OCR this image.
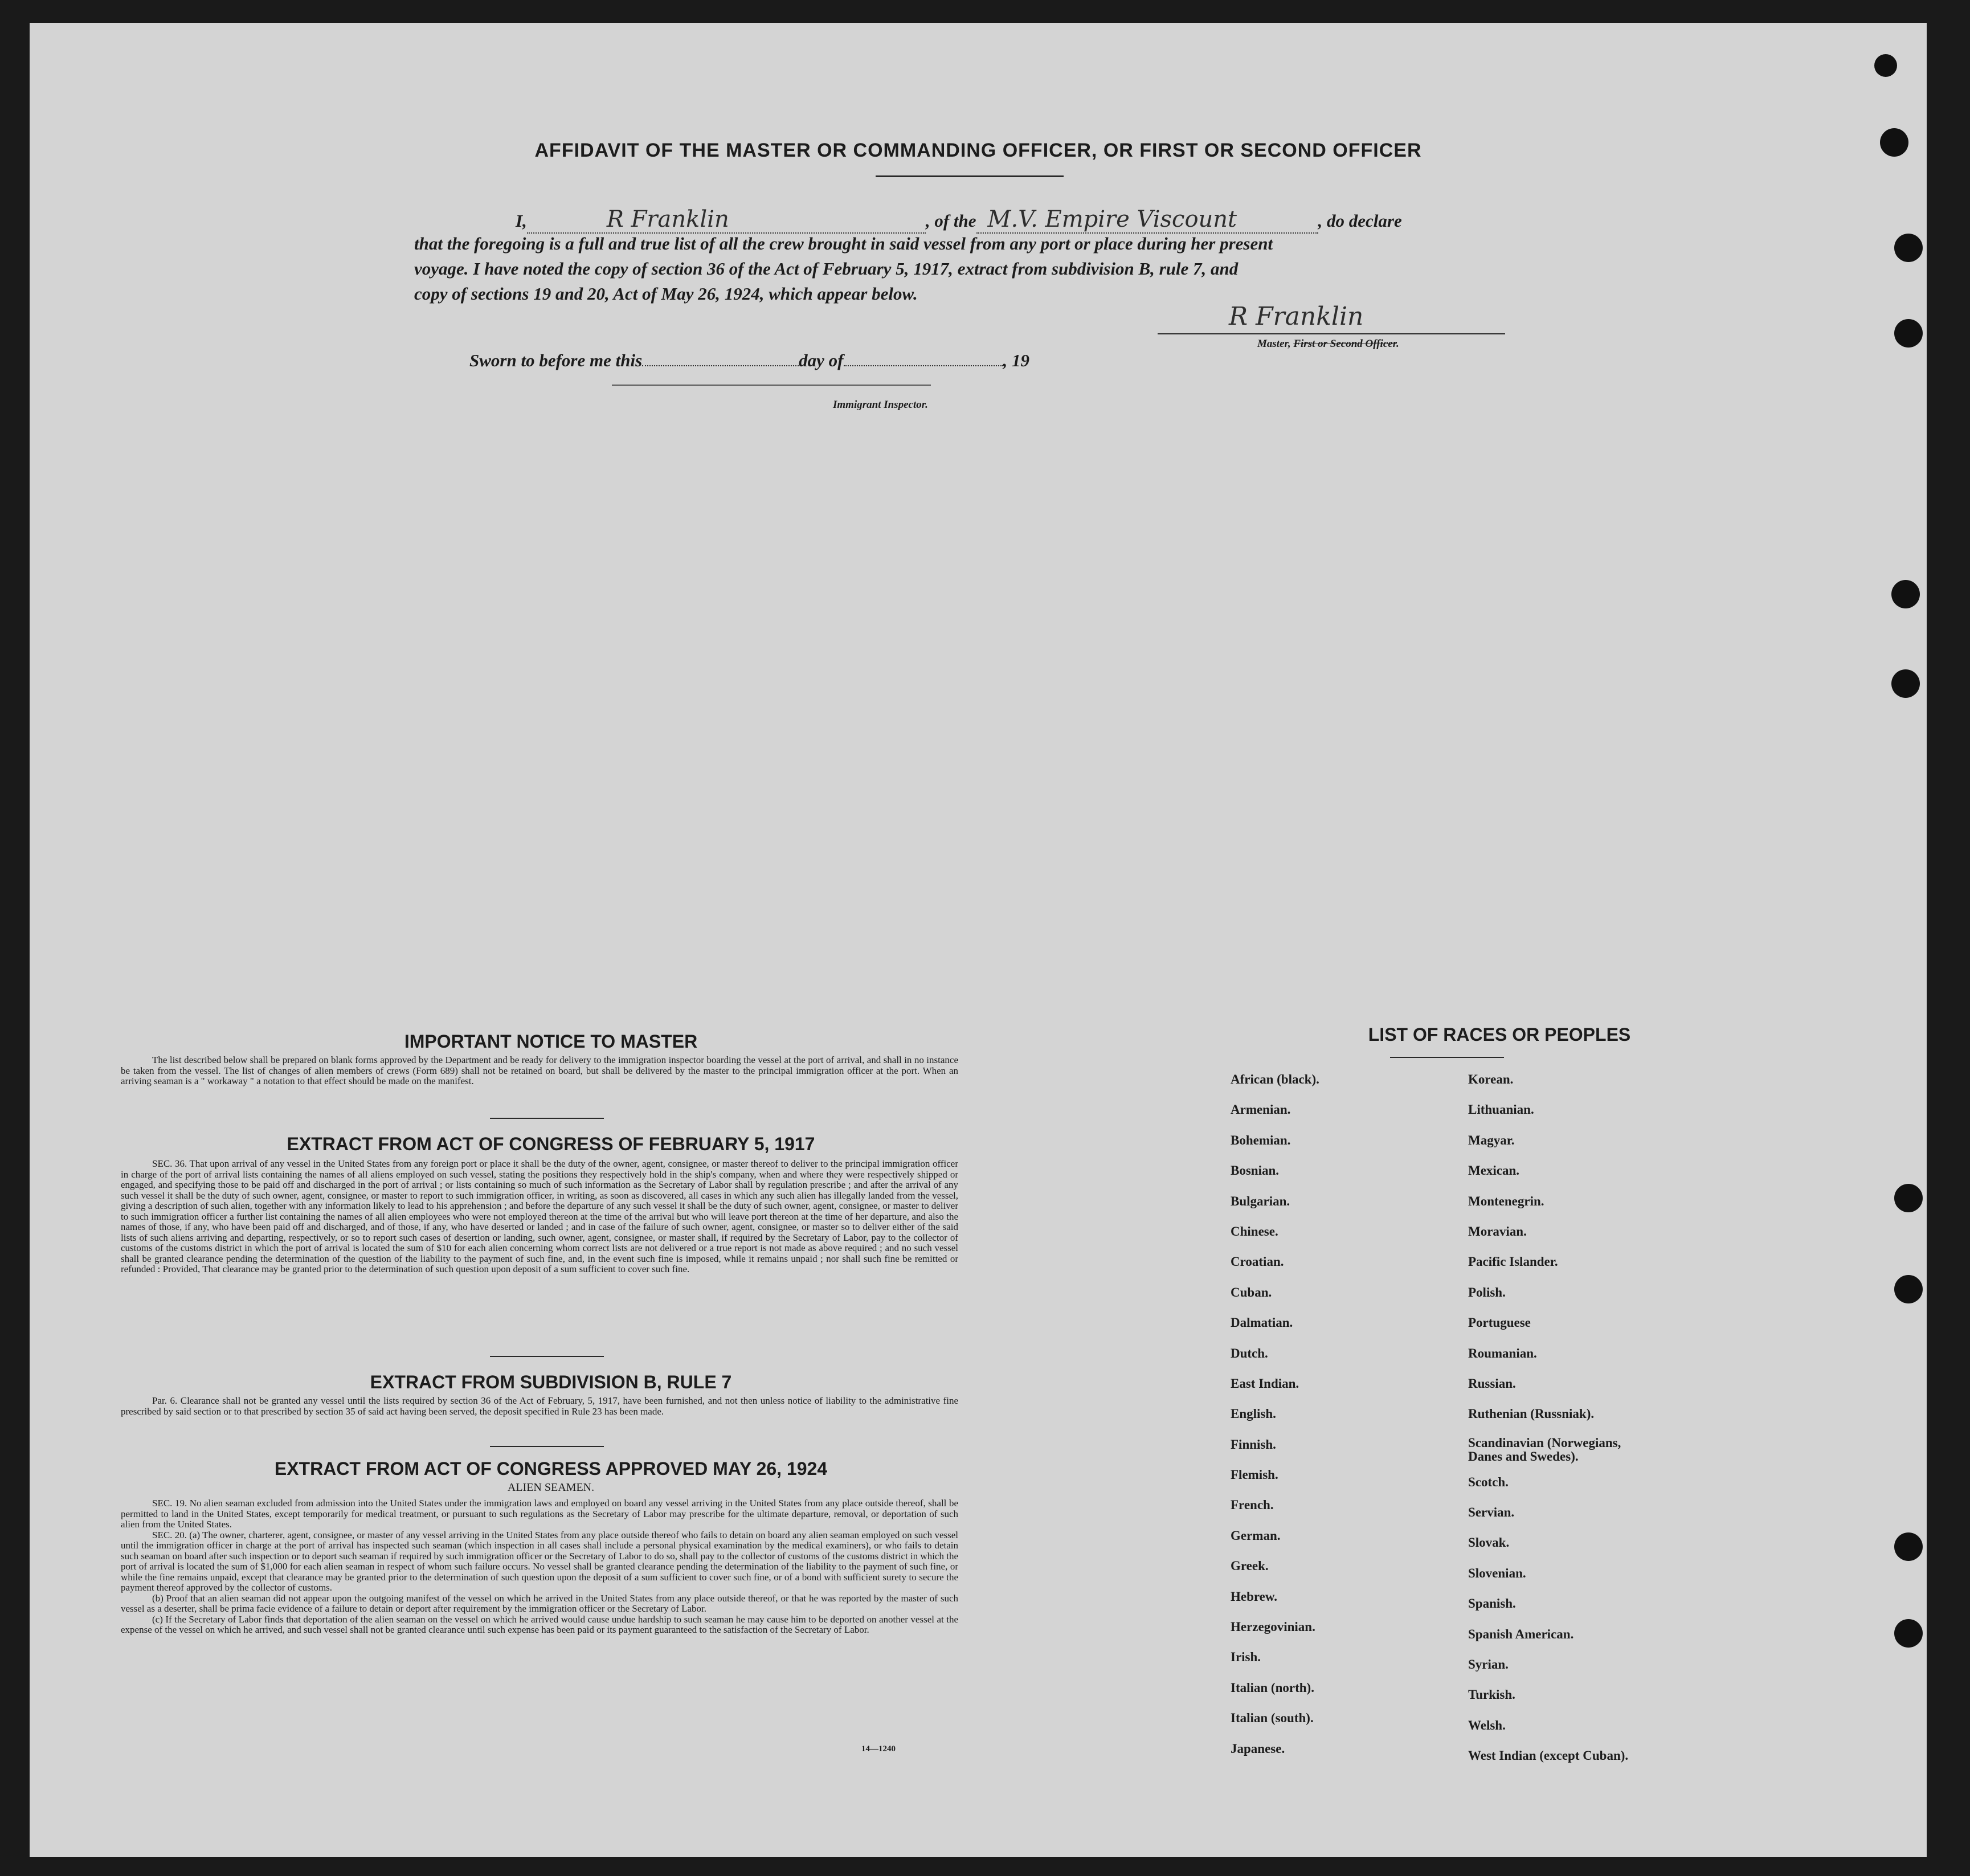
AFFIDAVIT OF THE MASTER OR COMMANDING OFFICER, OR FIRST OR SECOND OFFICER
I,	R Franklin	, of the M.V. Empire Viscount	, do declare
that the foregoing is a full and true list of all the crew brought in said vessel from any port or place during her present
voyage. I have noted the copy of section 36 of the Act of February 5, 1917, extract from subdivision B, rule 7, and
copy of sections 19 and 20, Act of May 26, 1924, which appear below.
R Franklin
Master, First or Second Officer.
Sworn to before me this	day of	, 19
Immigrant Inspector.
IMPORTANT NOTICE TO MASTER

The list described below shall be prepared on blank forms approved by the Department and be ready for delivery to the immigration inspector boarding the vessel at the port of arrival, and shall in no instance be taken from the vessel. The list of changes of alien members of crews (Form 689) shall not be retained on board, but shall be delivered by the master to the principal immigration officer at the port. When an arriving seaman is a " workaway " a notation to that effect should be made on the manifest.

EXTRACT FROM ACT OF CONGRESS OF FEBRUARY 5, 1917

SEC. 36. That upon arrival of any vessel in the United States from any foreign port or place it shall be the duty of the owner, agent, consignee, or master thereof to deliver to the principal immigration officer in charge of the port of arrival lists containing the names of all aliens employed on such vessel, stating the positions they respectively hold in the ship's company, when and where they were respectively shipped or engaged, and specifying those to be paid off and discharged in the port of arrival ; or lists containing so much of such information as the Secretary of Labor shall by regulation prescribe ; and after the arrival of any such vessel it shall be the duty of such owner, agent, consignee, or master to report to such immigration officer, in writing, as soon as discovered, all cases in which any such alien has illegally landed from the vessel, giving a description of such alien, together with any information likely to lead to his apprehension ; and before the departure of any such vessel it shall be the duty of such owner, agent, consignee, or master to deliver to such immigration officer a further list containing the names of all alien employees who were not employed thereon at the time of the arrival but who will leave port thereon at the time of her departure, and also the names of those, if any, who have been paid off and discharged, and of those, if any, who have deserted or landed ; and in case of the failure of such owner, agent, consignee, or master so to deliver either of the said lists of such aliens arriving and departing, respectively, or so to report such cases of desertion or landing, such owner, agent, consignee, or master shall, if required by the Secretary of Labor, pay to the collector of customs of the customs district in which the port of arrival is located the sum of $10 for each alien concerning whom correct lists are not delivered or a true report is not made as above required ; and no such vessel shall be granted clearance pending the determination of the question of the liability to the payment of such fine, and, in the event such fine is imposed, while it remains unpaid ; nor shall such fine be remitted or refunded : Provided, That clearance may be granted prior to the determination of such question upon deposit of a sum sufficient to cover such fine.

EXTRACT FROM SUBDIVISION B, RULE 7

Par. 6. Clearance shall not be granted any vessel until the lists required by section 36 of the Act of February, 5, 1917, have been furnished, and not then unless notice of liability to the administrative fine prescribed by said section or to that prescribed by section 35 of said act having been served, the deposit specified in Rule 23 has been made.

EXTRACT FROM ACT OF CONGRESS APPROVED MAY 26, 1924
ALIEN SEAMEN.

SEC. 19. No alien seaman excluded from admission into the United States under the immigration laws and employed on board any vessel arriving in the United States from any place outside thereof, shall be permitted to land in the United States, except temporarily for medical treatment, or pursuant to such regulations as the Secretary of Labor may prescribe for the ultimate departure, removal, or deportation of such alien from the United States.

SEC. 20. (a) The owner, charterer, agent, consignee, or master of any vessel arriving in the United States from any place outside thereof who fails to detain on board any alien seaman employed on such vessel until the immigration officer in charge at the port of arrival has inspected such seaman (which inspection in all cases shall include a personal physical examination by the medical examiners), or who fails to detain such seaman on board after such inspection or to deport such seaman if required by such immigration officer or the Secretary of Labor to do so, shall pay to the collector of customs of the customs district in which the port of arrival is located the sum of $1,000 for each alien seaman in respect of whom such failure occurs. No vessel shall be granted clearance pending the determination of the liability to the payment of such fine, or while the fine remains unpaid, except that clearance may be granted prior to the determination of such question upon the deposit of a sum sufficient to cover such fine, or of a bond with sufficient surety to secure the payment thereof approved by the collector of customs.

(b) Proof that an alien seaman did not appear upon the outgoing manifest of the vessel on which he arrived in the United States from any place outside thereof, or that he was reported by the master of such vessel as a deserter, shall be prima facie evidence of a failure to detain or deport after requirement by the immigration officer or the Secretary of Labor.

(c) If the Secretary of Labor finds that deportation of the alien seaman on the vessel on which he arrived would cause undue hardship to such seaman he may cause him to be deported on another vessel at the expense of the vessel on which he arrived, and such vessel shall not be granted clearance until such expense has been paid or its payment guaranteed to the satisfaction of the Secretary of Labor.

14—1240
LIST OF RACES OR PEOPLES
African (black).
Armenian.
Bohemian.
Bosnian.
Bulgarian.
Chinese.
Croatian.
Cuban.
Dalmatian.
Dutch.
East Indian.
English.
Finnish.
Flemish.
French.
German.
Greek.
Hebrew.
Herzegovinian.
Irish.
Italian (north).
Italian (south).
Japanese.
Korean.
Lithuanian.
Magyar.
Mexican.
Montenegrin.
Moravian.
Pacific Islander.
Polish.
Portuguese
Roumanian.
Russian.
Ruthenian (Russniak).
Scandinavian (Norwegians, Danes and Swedes).
Scotch.
Servian.
Slovak.
Slovenian.
Spanish.
Spanish American.
Syrian.
Turkish.
Welsh.
West Indian (except Cuban).
